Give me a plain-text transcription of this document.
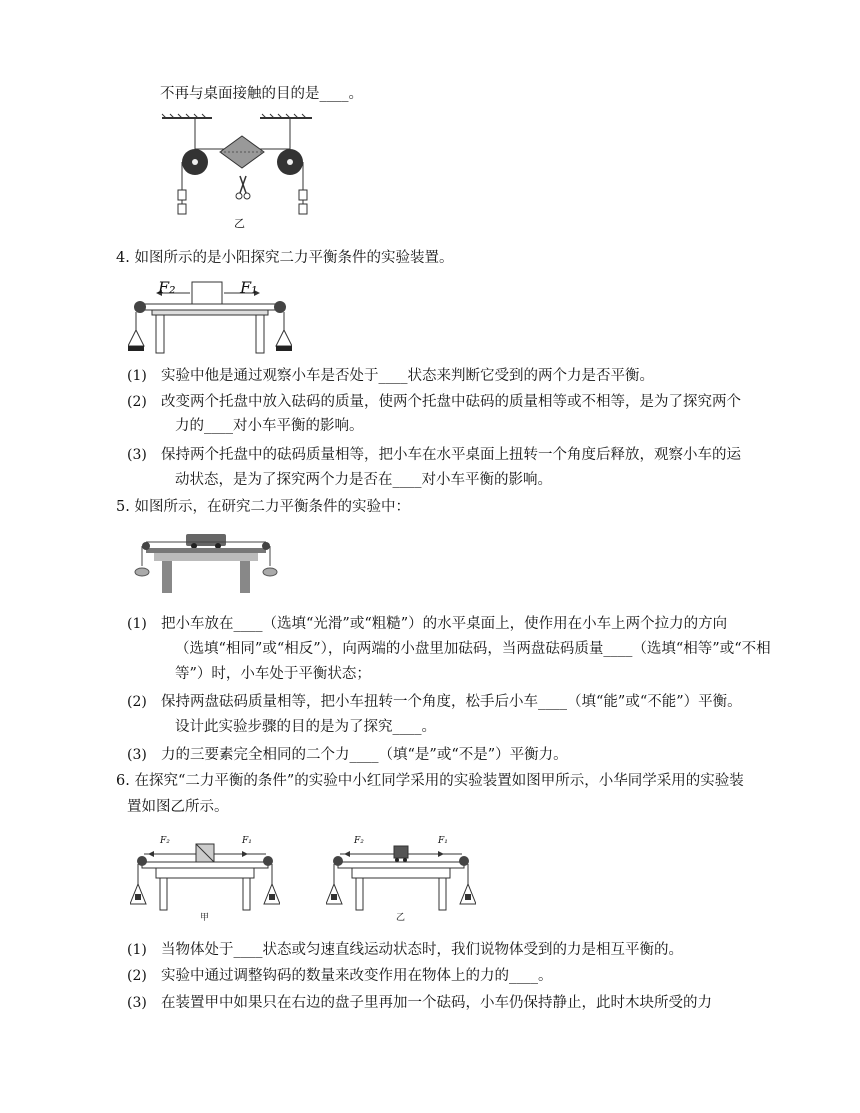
不再与桌面接触的目的是____。
乙
4. 如图所示的是小阳探究二力平衡条件的实验装置。
F₂	F₁
(1) 实验中他是通过观察小车是否处于____状态来判断它受到的两个力是否平衡。
(2) 改变两个托盘中放入砝码的质量，使两个托盘中砝码的质量相等或不相等，是为了探究两个
力的____对小车平衡的影响。
(3) 保持两个托盘中的砝码质量相等，把小车在水平桌面上扭转一个角度后释放，观察小车的运
动状态，是为了探究两个力是否在____对小车平衡的影响。
5. 如图所示，在研究二力平衡条件的实验中：
(1) 把小车放在____（选填“光滑”或“粗糙”）的水平桌面上，使作用在小车上两个拉力的方向
（选填“相同”或“相反”），向两端的小盘里加砝码，当两盘砝码质量____（选填“相等”或“不相
等”）时，小车处于平衡状态；
(2) 保持两盘砝码质量相等，把小车扭转一个角度，松手后小车____（填“能”或“不能”）平衡。
设计此实验步骤的目的是为了探究____。
(3) 力的三要素完全相同的二个力____（填“是”或“不是”）平衡力。
6. 在探究“二力平衡的条件”的实验中小红同学采用的实验装置如图甲所示，小华同学采用的实验装
置如图乙所示。
F₂	F₁
甲
F₂	F₁
乙
(1) 当物体处于____状态或匀速直线运动状态时，我们说物体受到的力是相互平衡的。
(2) 实验中通过调整钩码的数量来改变作用在物体上的力的____。
(3) 在装置甲中如果只在右边的盘子里再加一个砝码，小车仍保持静止，此时木块所受的力
